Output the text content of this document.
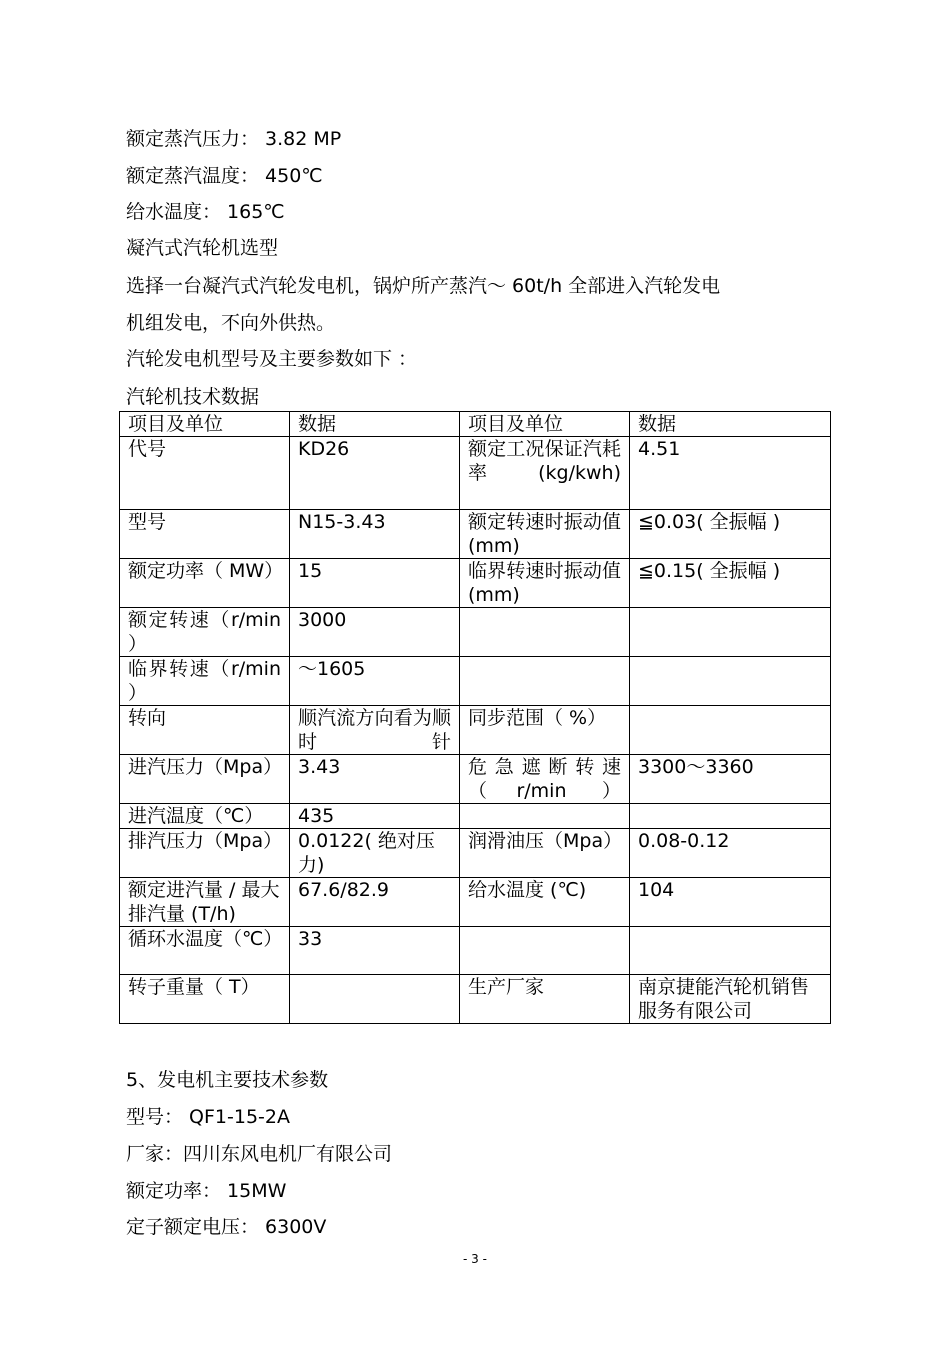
额定蒸汽压力： 3.82 MP
额定蒸汽温度： 450℃
给水温度： 165℃
凝汽式汽轮机选型
选择一台凝汽式汽轮发电机，锅炉所产蒸汽～ 60t/h 全部进入汽轮发电
机组发电，不向外供热。
汽轮发电机型号及主要参数如下 ：
汽轮机技术数据
项目及单位	数据	项目及单位	数据
代号	KD26	额定工况保证汽耗率(kg/kwh)	4.51
型号	N15-3.43	额定转速时振动值(mm)	≦0.03( 全振幅 )
额定功率（ MW）	15	临界转速时振动值(mm)	≦0.15( 全振幅 )
额定转速（r/min ）	3000		
临界转速（r/min ）	～1605		
转向	顺汽流方向看为顺时针	同步范围（ %）	
进汽压力（Mpa）	3.43	危急遮断转速（r/min ）	3300～3360
进汽温度（℃）	435		
排汽压力（Mpa）	0.0122( 绝对压力)	润滑油压（Mpa）	0.08-0.12
额定进汽量 / 最大排汽量 (T/h)	67.6/82.9	给水温度 (℃)	104
循环水温度（℃）	33		
转子重量（ T）		生产厂家	南京捷能汽轮机销售服务有限公司
5、发电机主要技术参数
型号： QF1-15-2A
厂家：四川东风电机厂有限公司
额定功率： 15MW
定子额定电压： 6300V
- 3 -
